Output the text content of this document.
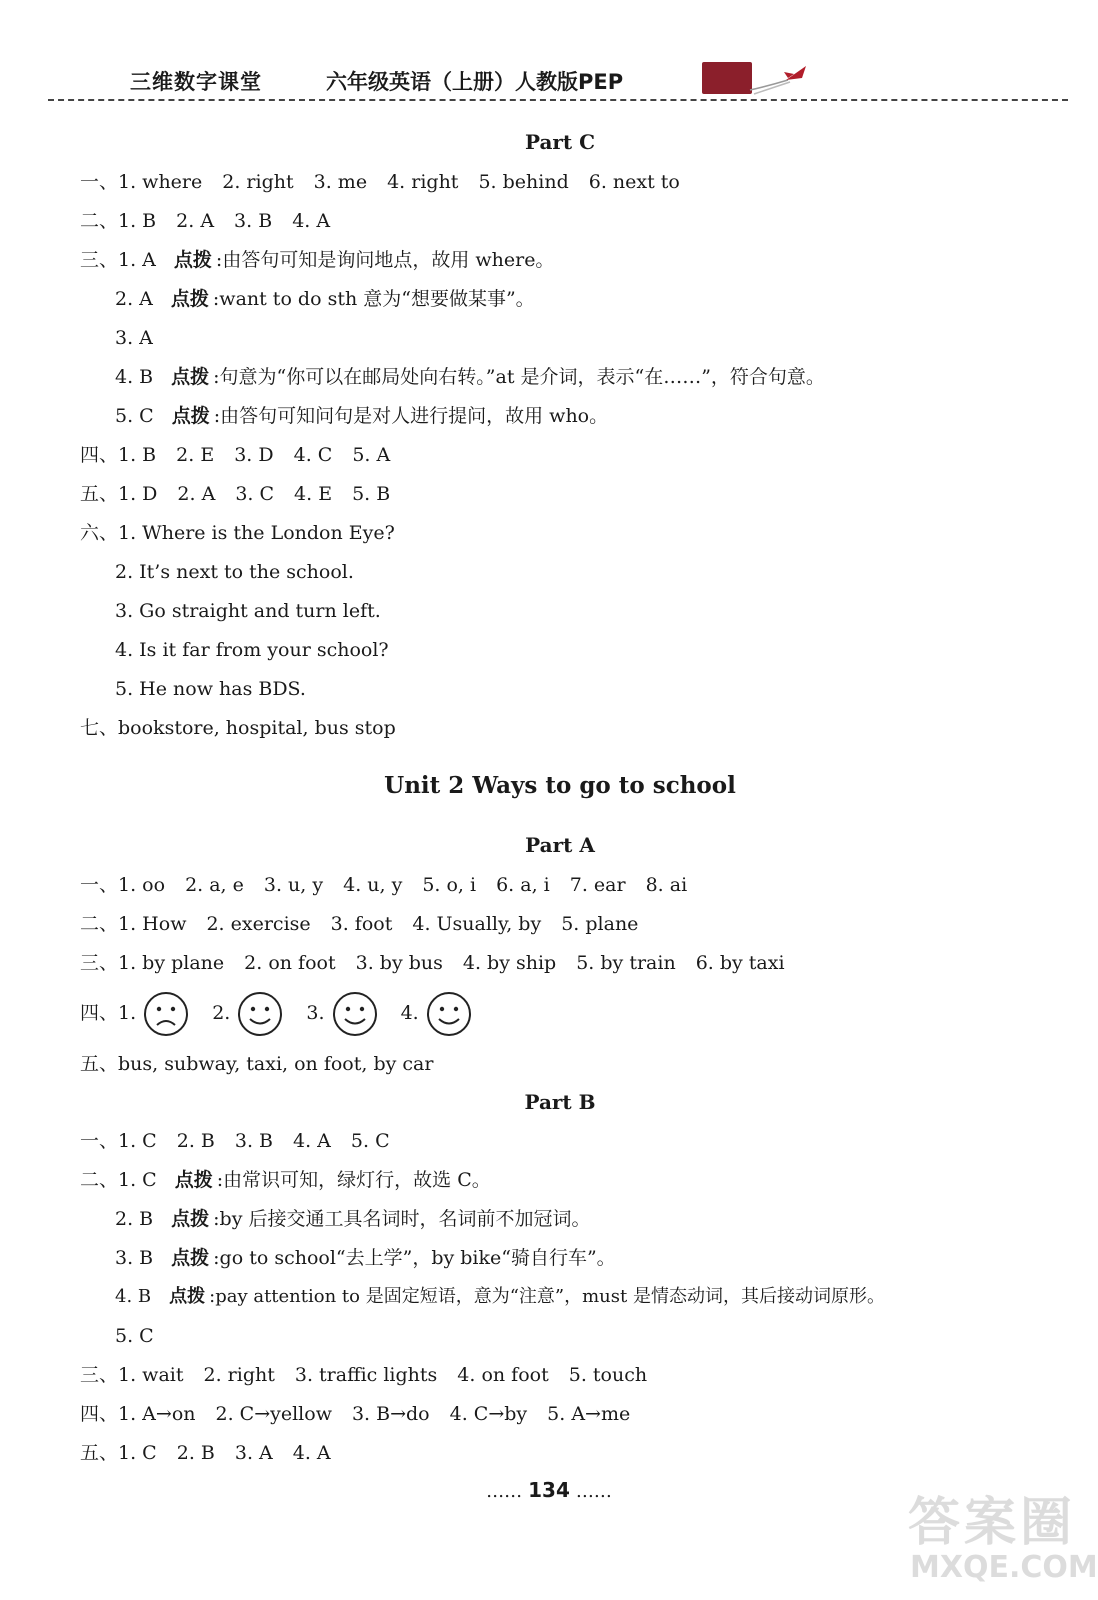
三维数字课堂	六年级英语（上册）人教版PEP
Part C
一、1. where 2. right 3. me 4. right 5. behind 6. next to
二、1. B 2. A 3. B 4. A
三、1. A 点拨 :由答句可知是询问地点，故用 where。
2. A 点拨 :want to do sth 意为“想要做某事”。
3. A
4. B 点拨 :句意为“你可以在邮局处向右转。”at 是介词，表示“在……”，符合句意。
5. C 点拨 :由答句可知问句是对人进行提问，故用 who。
四、1. B 2. E 3. D 4. C 5. A
五、1. D 2. A 3. C 4. E 5. B
六、1. Where is the London Eye?
2. It’s next to the school.
3. Go straight and turn left.
4. Is it far from your school?
5. He now has BDS.
七、bookstore, hospital, bus stop
Unit 2 Ways to go to school
Part A
一、1. oo 2. a, e 3. u, y 4. u, y 5. o, i 6. a, i 7. ear 8. ai
二、1. How 2. exercise 3. foot 4. Usually, by 5. plane
三、1. by plane 2. on foot 3. by bus 4. by ship 5. by train 6. by taxi
四、1.	2.	3.	4.
五、bus, subway, taxi, on foot, by car
Part B
一、1. C 2. B 3. B 4. A 5. C
二、1. C 点拨 :由常识可知，绿灯行，故选 C。
2. B 点拨 :by 后接交通工具名词时，名词前不加冠词。
3. B 点拨 :go to school“去上学”，by bike“骑自行车”。
4. B 点拨 :pay attention to 是固定短语，意为“注意”，must 是情态动词，其后接动词原形。
5. C
三、1. wait 2. right 3. traffic lights 4. on foot 5. touch
四、1. A→on 2. C→yellow 3. B→do 4. C→by 5. A→me
五、1. C 2. B 3. A 4. A
…… 134 ……
答案圈
MXQE.COM
